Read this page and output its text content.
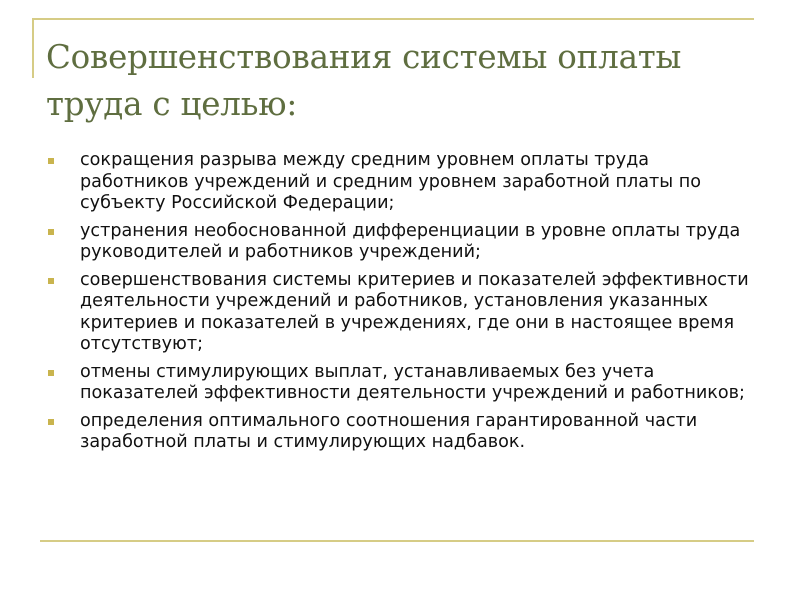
Совершенствования системы оплаты труда с целью:
сокращения разрыва между средним уровнем оплаты труда работников учреждений и средним уровнем заработной платы по субъекту Российской Федерации;
устранения необоснованной дифференциации в уровне оплаты труда руководителей и работников учреждений;
совершенствования системы критериев и показателей эффективности деятельности учреждений и работников, установления указанных критериев и показателей в учреждениях, где они в настоящее время отсутствуют;
отмены стимулирующих выплат, устанавливаемых без учета показателей эффективности деятельности учреждений и работников;
определения оптимального соотношения гарантированной части заработной платы и стимулирующих надбавок.
